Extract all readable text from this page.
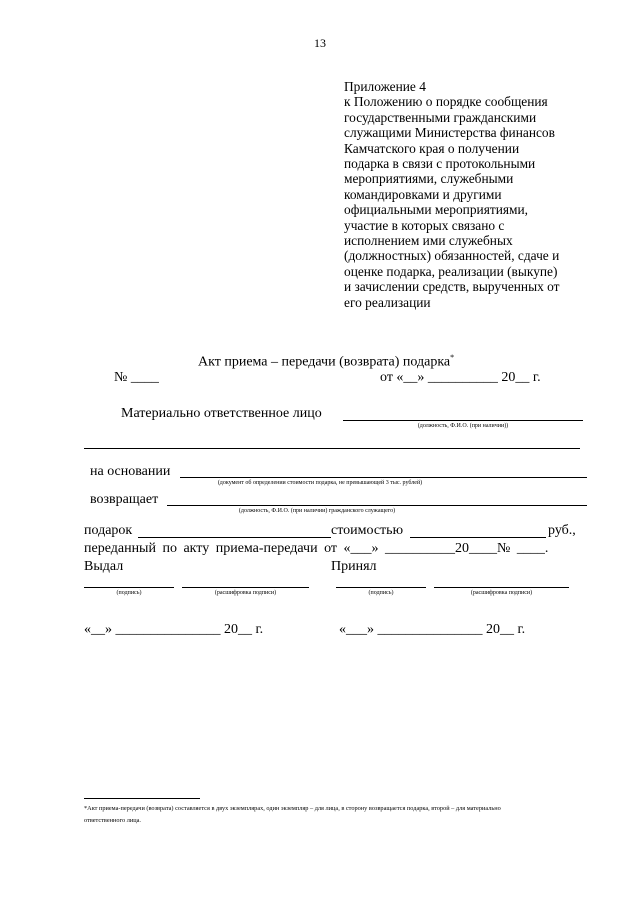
13
Приложение 4
к Положению о порядке сообщения
государственными гражданскими
служащими Министерства финансов
Камчатского края о получении
подарка в связи с протокольными
мероприятиями, служебными
командировками и другими
официальными мероприятиями,
участие в которых связано с
исполнением ими служебных
(должностных) обязанностей, сдаче и
оценке подарка, реализации (выкупе)
и зачислении средств, вырученных от
его реализации
Акт приема – передачи (возврата) подарка*
№ ____	от «__» __________ 20__ г.
Материально ответственное лицо
(должность, Ф.И.О. (при наличии))
на основании
(документ об определении стоимости подарка, не превышающей 3 тыс. рублей)
возвращает
(должность, Ф.И.О. (при наличии) гражданского служащего)
подарок	стоимостью	руб.,
переданный по акту приема-передачи от «___» __________20____№ ____.
Выдал	Принял
(подпись)	(расшифровка подписи)	(подпись)	(расшифровка подписи)
«__» _______________ 20__ г.	«___» _______________ 20__ г.
*Акт приема-передачи (возврата) составляется в двух экземплярах, один экземпляр – для лица, в сторону возвращается подарка, второй – для материально
ответственного лица.
